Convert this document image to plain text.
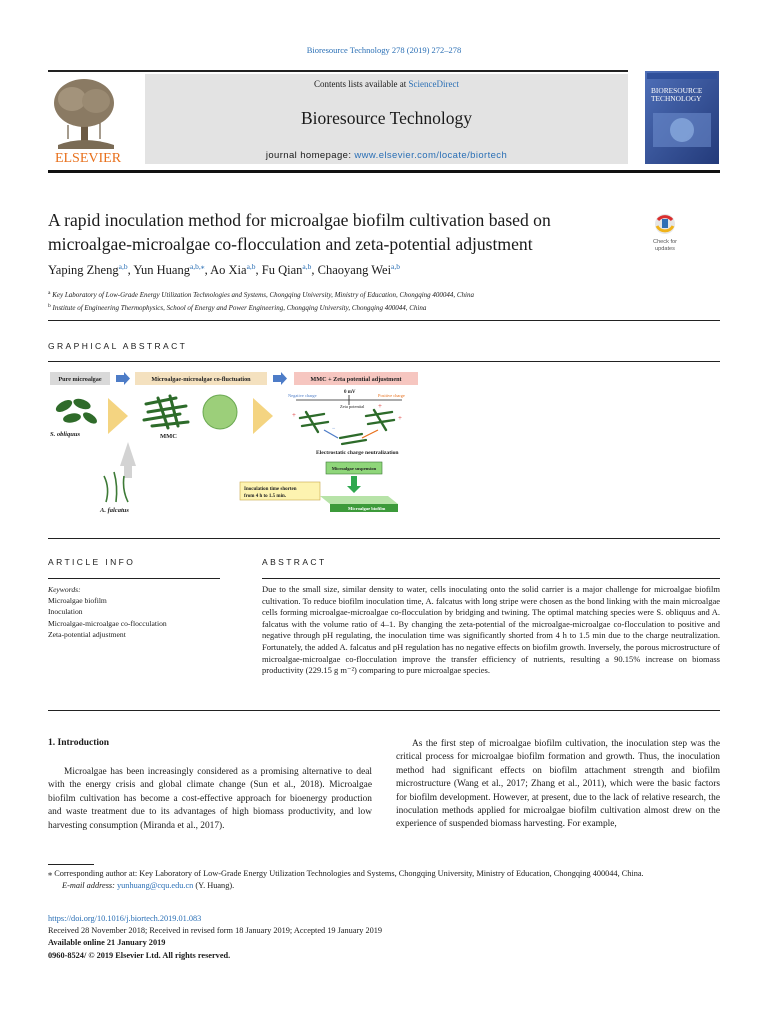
Bioresource Technology 278 (2019) 272–278
ELSEVIER
Contents lists available at ScienceDirect
Bioresource Technology
journal homepage: www.elsevier.com/locate/biortech
BIORESOURCE
TECHNOLOGY
A rapid inoculation method for microalgae biofilm cultivation based on microalgae-microalgae co-flocculation and zeta-potential adjustment	Check for
updates
Yaping Zheng$^{a,b}$, Yun Huang$^{a,b,⁎}$, Ao Xia$^{a,b}$, Fu Qian$^{a,b}$, Chaoyang Wei$^{a,b}$
$^a$ Key Laboratory of Low-Grade Energy Utilization Technologies and Systems, Chongqing University, Ministry of Education, Chongqing 400044, China
$^b$ Institute of Engineering Thermophysics, School of Energy and Power Engineering, Chongqing University, Chongqing 400044, China
GRAPHICAL ABSTRACT
Pure microalgae	Microalgae-microalgae co-fluctuation	MMC + Zeta potential adjustment
S. obliquus	MMC
A. falcatus
0 mV
Negative charge
Zeta potential
Positive charge
+
+
+
−
Electrostatic charge neutralization
Microalgae suspension
Microalgae biofilm
Inoculation time shorten
from 4 h to 1.5 min.
ARTICLE INFO	ABSTRACT
Keywords:
Microalgae biofilm
Inoculation
Microalgae-microalgae co-flocculation
Zeta-potential adjustment
Due to the small size, similar density to water, cells inoculating onto the solid carrier is a major challenge for microalgae biofilm cultivation. To reduce biofilm inoculation time, A. falcatus with long stripe were chosen as the bond linking with the main microalgae cells forming microalgae-microalgae co-flocculation by bridging and twining. The optimal matching species were S. obliquus and A. falcatus with the volume ratio of 4–1. By changing the zeta-potential of the microalgae-microalgae co-flocculation to positive and negative through pH regulating, the inoculation time was significantly shorted from 4 h to 1.5 min due to the charge neutralization. Fortunately, the added A. falcatus and pH regulation has no negative effects on biofilm growth. Inversely, the porous microstructure of microalgae-microalgae co-flocculation improve the transfer efficiency of nutrients, resulting a 90.15% increase on biomass productivity (229.15 g m⁻²) comparing to pure microalgae species.
1. Introduction
Microalgae has been increasingly considered as a promising alternative to deal with the energy crisis and global climate change (Sun et al., 2018). Microalgae biofilm cultivation has become a cost-effective approach for bioenergy production and waste treatment due to its advantages of high biomass productivity, and low harvesting consumption (Miranda et al., 2017).
As the first step of microalgae biofilm cultivation, the inoculation step was the critical process for microalgae biofilm formation and growth. Thus, the inoculation method had significant effects on biofilm attachment strength and biofilm microstructure (Wang et al., 2017; Zhang et al., 2011), which were the basic factors for biofilm development. However, at present, due to the lack of relative research, the inoculation methods applied for microalgae biofilm cultivation almost drew on the experience of suspended biomass harvesting. For example,
⁎ Corresponding author at: Key Laboratory of Low-Grade Energy Utilization Technologies and Systems, Chongqing University, Ministry of Education, Chongqing 400044, China.
E-mail address: yunhuang@cqu.edu.cn (Y. Huang).
https://doi.org/10.1016/j.biortech.2019.01.083
Received 28 November 2018; Received in revised form 18 January 2019; Accepted 19 January 2019
Available online 21 January 2019
0960-8524/ © 2019 Elsevier Ltd. All rights reserved.
